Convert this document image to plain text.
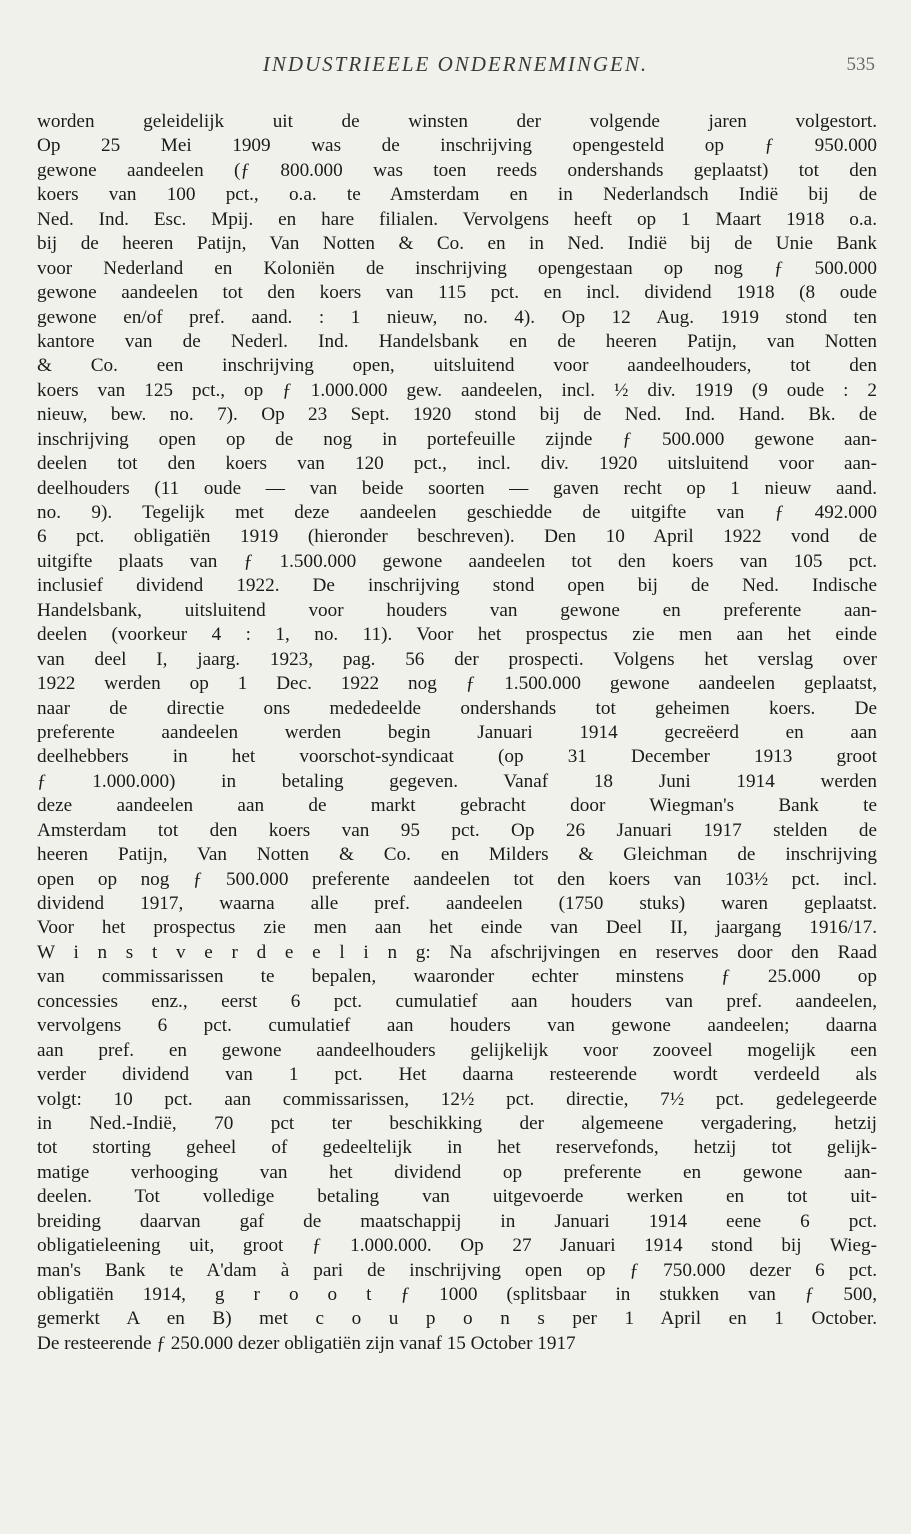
INDUSTRIEELE ONDERNEMINGEN.	535
worden geleidelijk uit de winsten der volgende jaren volgestort.
Op 25 Mei 1909 was de inschrijving opengesteld op ƒ 950.000
gewone aandeelen (ƒ 800.000 was toen reeds ondershands geplaatst) tot den
koers van 100 pct., o.a. te Amsterdam en in Nederlandsch Indië bij de
Ned. Ind. Esc. Mpij. en hare filialen. Vervolgens heeft op 1 Maart 1918 o.a.
bij de heeren Patijn, Van Notten & Co. en in Ned. Indië bij de Unie Bank
voor Nederland en Koloniën de inschrijving opengestaan op nog ƒ 500.000
gewone aandeelen tot den koers van 115 pct. en incl. dividend 1918 (8 oude
gewone en/of pref. aand. : 1 nieuw, no. 4). Op 12 Aug. 1919 stond ten
kantore van de Nederl. Ind. Handelsbank en de heeren Patijn, van Notten
& Co. een inschrijving open, uitsluitend voor aandeelhouders, tot den
koers van 125 pct., op ƒ 1.000.000 gew. aandeelen, incl. ½ div. 1919 (9 oude : 2
nieuw, bew. no. 7). Op 23 Sept. 1920 stond bij de Ned. Ind. Hand. Bk. de
inschrijving open op de nog in portefeuille zijnde ƒ 500.000 gewone aan-
deelen tot den koers van 120 pct., incl. div. 1920 uitsluitend voor aan-
deelhouders (11 oude — van beide soorten — gaven recht op 1 nieuw aand.
no. 9). Tegelijk met deze aandeelen geschiedde de uitgifte van ƒ 492.000
6 pct. obligatiën 1919 (hieronder beschreven). Den 10 April 1922 vond de
uitgifte plaats van ƒ 1.500.000 gewone aandeelen tot den koers van 105 pct.
inclusief dividend 1922. De inschrijving stond open bij de Ned. Indische
Handelsbank, uitsluitend voor houders van gewone en preferente aan-
deelen (voorkeur 4 : 1, no. 11). Voor het prospectus zie men aan het einde
van deel I, jaarg. 1923, pag. 56 der prospecti. Volgens het verslag over
1922 werden op 1 Dec. 1922 nog ƒ 1.500.000 gewone aandeelen geplaatst,
naar de directie ons mededeelde ondershands tot geheimen koers. De
preferente aandeelen werden begin Januari 1914 gecreëerd en aan
deelhebbers in het voorschot-syndicaat (op 31 December 1913 groot
ƒ 1.000.000) in betaling gegeven. Vanaf 18 Juni 1914 werden
deze aandeelen aan de markt gebracht door Wiegman's Bank te
Amsterdam tot den koers van 95 pct. Op 26 Januari 1917 stelden de
heeren Patijn, Van Notten & Co. en Milders & Gleichman de inschrijving
open op nog ƒ 500.000 preferente aandeelen tot den koers van 103½ pct. incl.
dividend 1917, waarna alle pref. aandeelen (1750 stuks) waren geplaatst.
Voor het prospectus zie men aan het einde van Deel II, jaargang 1916/17.
W i n s t v e r d e e l i n g: Na afschrijvingen en reserves door den Raad
van commissarissen te bepalen, waaronder echter minstens ƒ 25.000 op
concessies enz., eerst 6 pct. cumulatief aan houders van pref. aandeelen,
vervolgens 6 pct. cumulatief aan houders van gewone aandeelen; daarna
aan pref. en gewone aandeelhouders gelijkelijk voor zooveel mogelijk een
verder dividend van 1 pct. Het daarna resteerende wordt verdeeld als
volgt: 10 pct. aan commissarissen, 12½ pct. directie, 7½ pct. gedelegeerde
in Ned.-Indië, 70 pct ter beschikking der algemeene vergadering, hetzij
tot storting geheel of gedeeltelijk in het reservefonds, hetzij tot gelijk-
matige verhooging van het dividend op preferente en gewone aan-
deelen. Tot volledige betaling van uitgevoerde werken en tot uit-
breiding daarvan gaf de maatschappij in Januari 1914 eene 6 pct.
obligatieleening uit, groot ƒ 1.000.000. Op 27 Januari 1914 stond bij Wieg-
man's Bank te A'dam à pari de inschrijving open op ƒ 750.000 dezer 6 pct.
obligatiën 1914, g r o o t ƒ 1000 (splitsbaar in stukken van ƒ 500,
gemerkt A en B) met c o u p o n s per 1 April en 1 October.
De resteerende ƒ 250.000 dezer obligatiën zijn vanaf 15 October 1917
